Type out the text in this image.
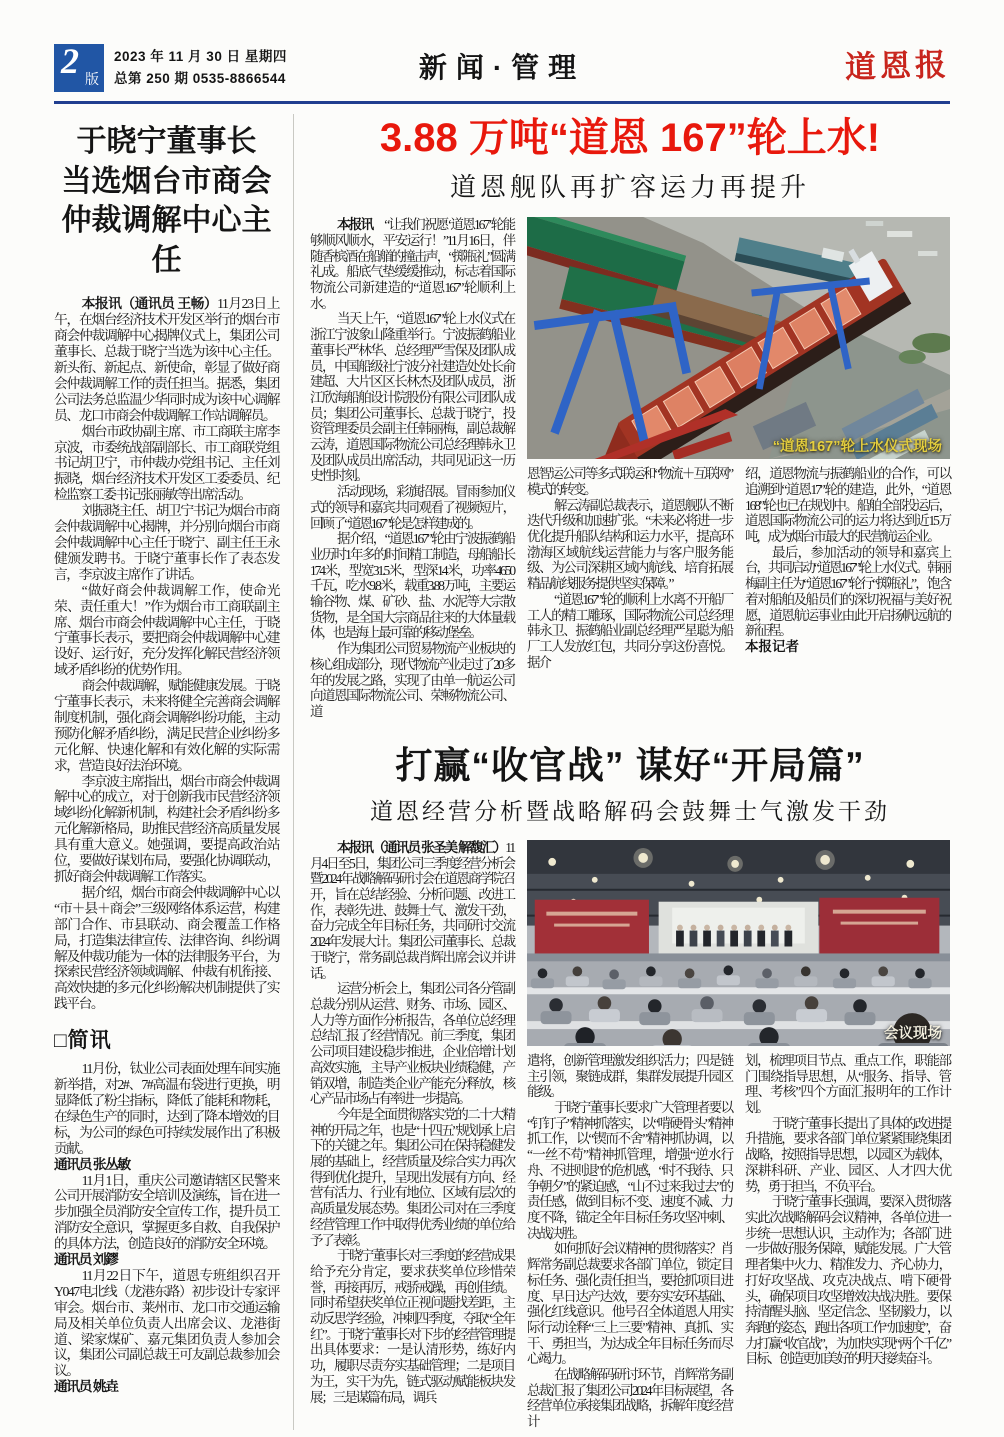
2 版
2023 年 11 月 30 日 星期四
总第 250 期 0535-8866544	新闻·管理	道恩报
于晓宁董事长
当选烟台市商会
仲裁调解中心主任

本报讯（通讯员 王畅）11月23日上午，在烟台经济技术开发区举行的烟台市商会仲裁调解中心揭牌仪式上，集团公司董事长、总裁于晓宁当选为该中心主任。新头衔、新起点、新使命，彰显了做好商会仲裁调解工作的责任担当。据悉，集团公司法务总监温少华同时成为该中心调解员、龙口市商会仲裁调解工作站调解员。

烟台市政协副主席、市工商联主席李京波，市委统战部副部长、市工商联党组书记胡卫宁，市仲裁办党组书记、主任刘振晓，烟台经济技术开发区工委委员、纪检监察工委书记张丽敏等出席活动。

刘振晓主任、胡卫宁书记为烟台市商会仲裁调解中心揭牌，并分别向烟台市商会仲裁调解中心主任于晓宁、副主任王永健颁发聘书。于晓宁董事长作了表态发言，李京波主席作了讲话。

“做好商会仲裁调解工作，使命光荣、责任重大！”作为烟台市工商联副主席、烟台市商会仲裁调解中心主任，于晓宁董事长表示，要把商会仲裁调解中心建设好、运行好，充分发挥化解民营经济领域矛盾纠纷的优势作用。

商会仲裁调解，赋能健康发展。于晓宁董事长表示，未来将健全完善商会调解制度机制，强化商会调解纠纷功能，主动预防化解矛盾纠纷，满足民营企业纠纷多元化解、快速化解和有效化解的实际需求，营造良好法治环境。

李京波主席指出，烟台市商会仲裁调解中心的成立，对于创新我市民营经济领域纠纷化解新机制，构建社会矛盾纠纷多元化解新格局，助推民营经济高质量发展具有重大意义。她强调，要提高政治站位，要做好谋划布局，要强化协调联动，抓好商会仲裁调解工作落实。

据介绍，烟台市商会仲裁调解中心以“市＋县＋商会”三级网络体系运营，构建部门合作、市县联动、商会覆盖工作格局，打造集法律宣传、法律咨询、纠纷调解及仲裁功能为一体的法律服务平台，为探索民营经济领域调解、仲裁有机衔接、高效快捷的多元化纠纷解决机制提供了实践平台。

□简讯

11月份，钛业公司表面处理车间实施新举措，对2#、7#高温布袋进行更换，明显降低了粉尘指标，降低了能耗和物耗，在绿色生产的同时，达到了降本增效的目标，为公司的绿色可持续发展作出了积极贡献。

通讯员 张丛敏

11月1日，重庆公司邀请辖区民警来公司开展消防安全培训及演练，旨在进一步加强全员消防安全宣传工作，提升员工消防安全意识，掌握更多自救、自我保护的具体方法，创造良好的消防安全环境。

通讯员 刘鏐

11月22日下午，道恩专班组织召开Y047电北线（龙港东路）初步设计专家评审会。烟台市、莱州市、龙口市交通运输局及相关单位负责人出席会议、龙港街道、梁家煤矿、嘉元集团负责人参加会议，集团公司副总裁王可友副总裁参加会议。

通讯员 姚垚

3.88 万吨“道恩 167”轮上水!
道恩舰队再扩容运力再提升

本报讯　“让我们祝愿‘道恩167’轮能够顺风顺水，平安运行！”11月16日，伴随香槟酒在船艏的撞击声，“掷瓶礼”圆满礼成。船底气垫缓缓推动，标志着国际物流公司新建造的“道恩167”轮顺利上水。

当天上午，“道恩167”轮上水仪式在浙江宁波象山隆重举行。宁波振鹤船业董事长严林华、总经理严雪保及团队成员，中国船级社宁波分社建造处处长俞建超、大片区区长林杰及团队成员，浙江欣海船舶设计院股份有限公司团队成员；集团公司董事长、总裁于晓宁，投资管理委员会副主任韩丽梅，副总裁解云涛，道恩国际物流公司总经理韩永卫及团队成员出席活动，共同见证这一历史性时刻。

活动现场，彩旗招展。冒雨参加仪式的领导和嘉宾共同观看了视频短片，回顾了“道恩167”轮是怎样建成的。

据介绍，“道恩167”轮由宁波振鹤船业历时1年多的时间精工制造，母船船长174米，型宽31.5米，型深14米，功率4650千瓦，吃水9.8米，载重3.88万吨，主要运输谷物、煤、矿砂、盐、水泥等大宗散货物，是全国大宗商品往来的大体量载体，也是海上最可靠的移动堡垒。

作为集团公司贸易物流产业板块的核心组成部分，现代物流产业走过了20多年的发展之路，实现了由单一航运公司向道恩国际物流公司、荣畅物流公司、道

“道恩167”轮上水仪式现场

恩智运公司等多式联运和“物流＋互联网”模式的转变。

解云涛副总裁表示，道恩舰队不断迭代升级和加速扩张。“未来必将进一步优化提升船队结构和运力水平，提高环渤海区域航线运营能力与客户服务能级、为公司深耕区域内航线、培育拓展精品航线服务提供坚实保障。”

“道恩167”轮的顺利上水离不开船厂工人的精工雕琢，国际物流公司总经理韩永卫、振鹤船业副总经理严星聪为船厂工人发放红包，共同分享这份喜悦。据介

绍，道恩物流与振鹤船业的合作，可以追溯到“道恩17”轮的建造，此外，“道恩168”轮也已在规划中。船舶全部投运后，道恩国际物流公司的运力将达到近15万吨，成为烟台市最大的民营航运企业。

最后，参加活动的领导和嘉宾上台，共同启动“道恩167”轮上水仪式。韩丽梅副主任为“道恩167”轮行“掷瓶礼”，饱含着对船舶及船员们的深切祝福与美好祝愿，道恩航运事业由此开启扬帆远航的新征程。

本报记者

打赢“收官战” 谋好“开局篇”
道恩经营分析暨战略解码会鼓舞士气激发干劲

本报讯（通讯员 张圣美 解馥汇）11月4日至5日，集团公司三季度经营分析会暨2024年战略解码研讨会在道恩商学院召开，旨在总结经验、分析问题、改进工作，表彰先进、鼓舞士气、激发干劲，奋力完成全年目标任务，共同研讨交流2024年发展大计。集团公司董事长、总裁于晓宁，常务副总裁肖辉出席会议并讲话。

运营分析会上，集团公司各分管副总裁分别从运营、财务、市场、园区、人力等方面作分析报告，各单位总经理总结汇报了经营情况。前三季度，集团公司项目建设稳步推进，企业倍增计划高效实施，主导产业板块业绩稳健，产销双增，制造类企业产能充分释放，核心产品市场占有率进一步提高。

今年是全面贯彻落实党的二十大精神的开局之年，也是“十四五”规划承上启下的关键之年。集团公司在保持稳健发展的基础上，经营质量及综合实力再次得到优化提升，呈现出发展有方向、经营有活力、行业有地位、区域有层次的高质量发展态势。集团公司对在三季度经营管理工作中取得优秀业绩的单位给予了表彰。

于晓宁董事长对三季度的经营成果给予充分肯定，要求获奖单位珍惜荣誉，再接再厉，戒骄戒躁，再创佳绩。同时希望获奖单位正视问题找差距，主动反思学经验，冲刺四季度，夺取“全年红”。于晓宁董事长对下步的经营管理提出具体要求：一是认清形势，练好内功，履职尽责夯实基础管理；二是项目为王，实干为先，链式驱动赋能板块发展；三是谋篇布局，调兵

会议现场

遣将，创新管理激发组织活力；四是链主引领，聚链成群，集群发展提升园区能级。

于晓宁董事长要求广大管理者要以“钉钉子”精神抓落实，以“啃硬骨头”精神抓工作，以“锲而不舍”精神抓协调，以“一丝不苟”精神抓管理，增强“逆水行舟、不进则退”的危机感，“时不我待、只争朝夕”的紧迫感，“山不过来我过去”的责任感，做到目标不变、速度不减、力度不降，锚定全年目标任务攻坚冲刺、决战决胜。

如何抓好会议精神的贯彻落实？肖辉常务副总裁要求各部门单位，锁定目标任务、强化责任担当，要抢抓项目进度、早日达产达效，要夯实安环基础、强化红线意识。他号召全体道恩人用实际行动诠释“三上三要”精神、真抓、实干、勇担当，为达成全年目标任务而尽心竭力。

在战略解码研讨环节，肖辉常务副总裁汇报了集团公司2024年目标展望，各经营单位承接集团战略，拆解年度经营计

划，梳理项目节点、重点工作，职能部门围绕指导思想，从“服务、指导、管理、考核”四个方面汇报明年的工作计划。

于晓宁董事长提出了具体的改进提升措施，要求各部门单位紧紧围绕集团战略，按照指导思想，以园区为载体，深耕科研、产业、园区、人才四大优势，勇于担当，不负平台。

于晓宁董事长强调，要深入贯彻落实此次战略解码会议精神，各单位进一步统一思想认识，主动作为；各部门进一步做好服务保障，赋能发展。广大管理者集中火力、精准发力、齐心协力，打好攻坚战、攻克决战点、啃下硬骨头，确保项目攻坚增效决战决胜。要保持清醒头脑、坚定信念、坚韧毅力，以奔跑的姿态，跑出各项工作“加速度”，奋力打赢“收官战”，为加快实现“两个千亿”目标、创造更加美好的明天接续奋斗。
